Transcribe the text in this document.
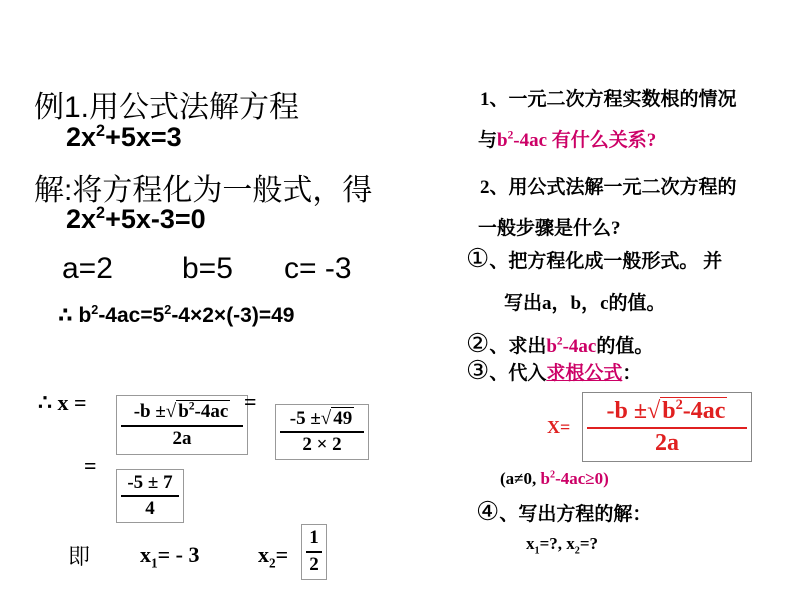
例1.用公式法解方程
$2x^2+5x=3$
解:将方程化为一般式，得
$2x^2+5x-3=0$
a=2 b=5 c= -3
∴ $b^2-4ac=5^2-4\times 2\times(-3)=49$
∴ x =	-b ±√ $b^2-4ac$
2a
=
-5 ±√ 49
2 × 2
=
-5 ± 7
4
即 $x_1= - 3$	$x_2=$
1
2
1、一元二次方程实数根的情况
与$b^2-4ac$ 有什么关系?
2、用公式法解一元二次方程的
一般步骤是什么?
①、把方程化成一般形式。 并
写出a，b，c的值。
②、求出$b^2-4ac$的值。
③、代入求根公式：
X=
$-b \pm√b^2-4ac$
2a
(a≠0, $b^2-4ac\ge 0$)
④、写出方程的解：
$x_1=$?, $x_2=$?
